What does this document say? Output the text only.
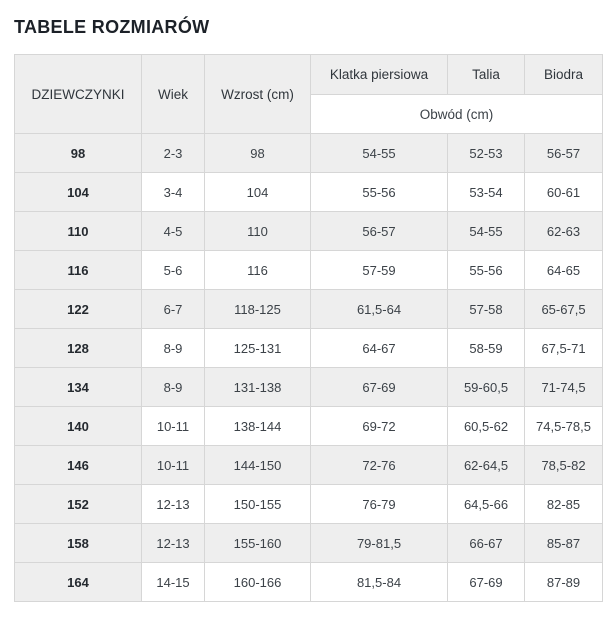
TABELE ROZMIARÓW
DZIEWCZYNKI	Wiek	Wzrost (cm)	Klatka piersiowa	Talia	Biodra
			Obwód (cm)		
98	2-3	98	54-55	52-53	56-57
104	3-4	104	55-56	53-54	60-61
110	4-5	110	56-57	54-55	62-63
116	5-6	116	57-59	55-56	64-65
122	6-7	118-125	61,5-64	57-58	65-67,5
128	8-9	125-131	64-67	58-59	67,5-71
134	8-9	131-138	67-69	59-60,5	71-74,5
140	10-11	138-144	69-72	60,5-62	74,5-78,5
146	10-11	144-150	72-76	62-64,5	78,5-82
152	12-13	150-155	76-79	64,5-66	82-85
158	12-13	155-160	79-81,5	66-67	85-87
164	14-15	160-166	81,5-84	67-69	87-89
